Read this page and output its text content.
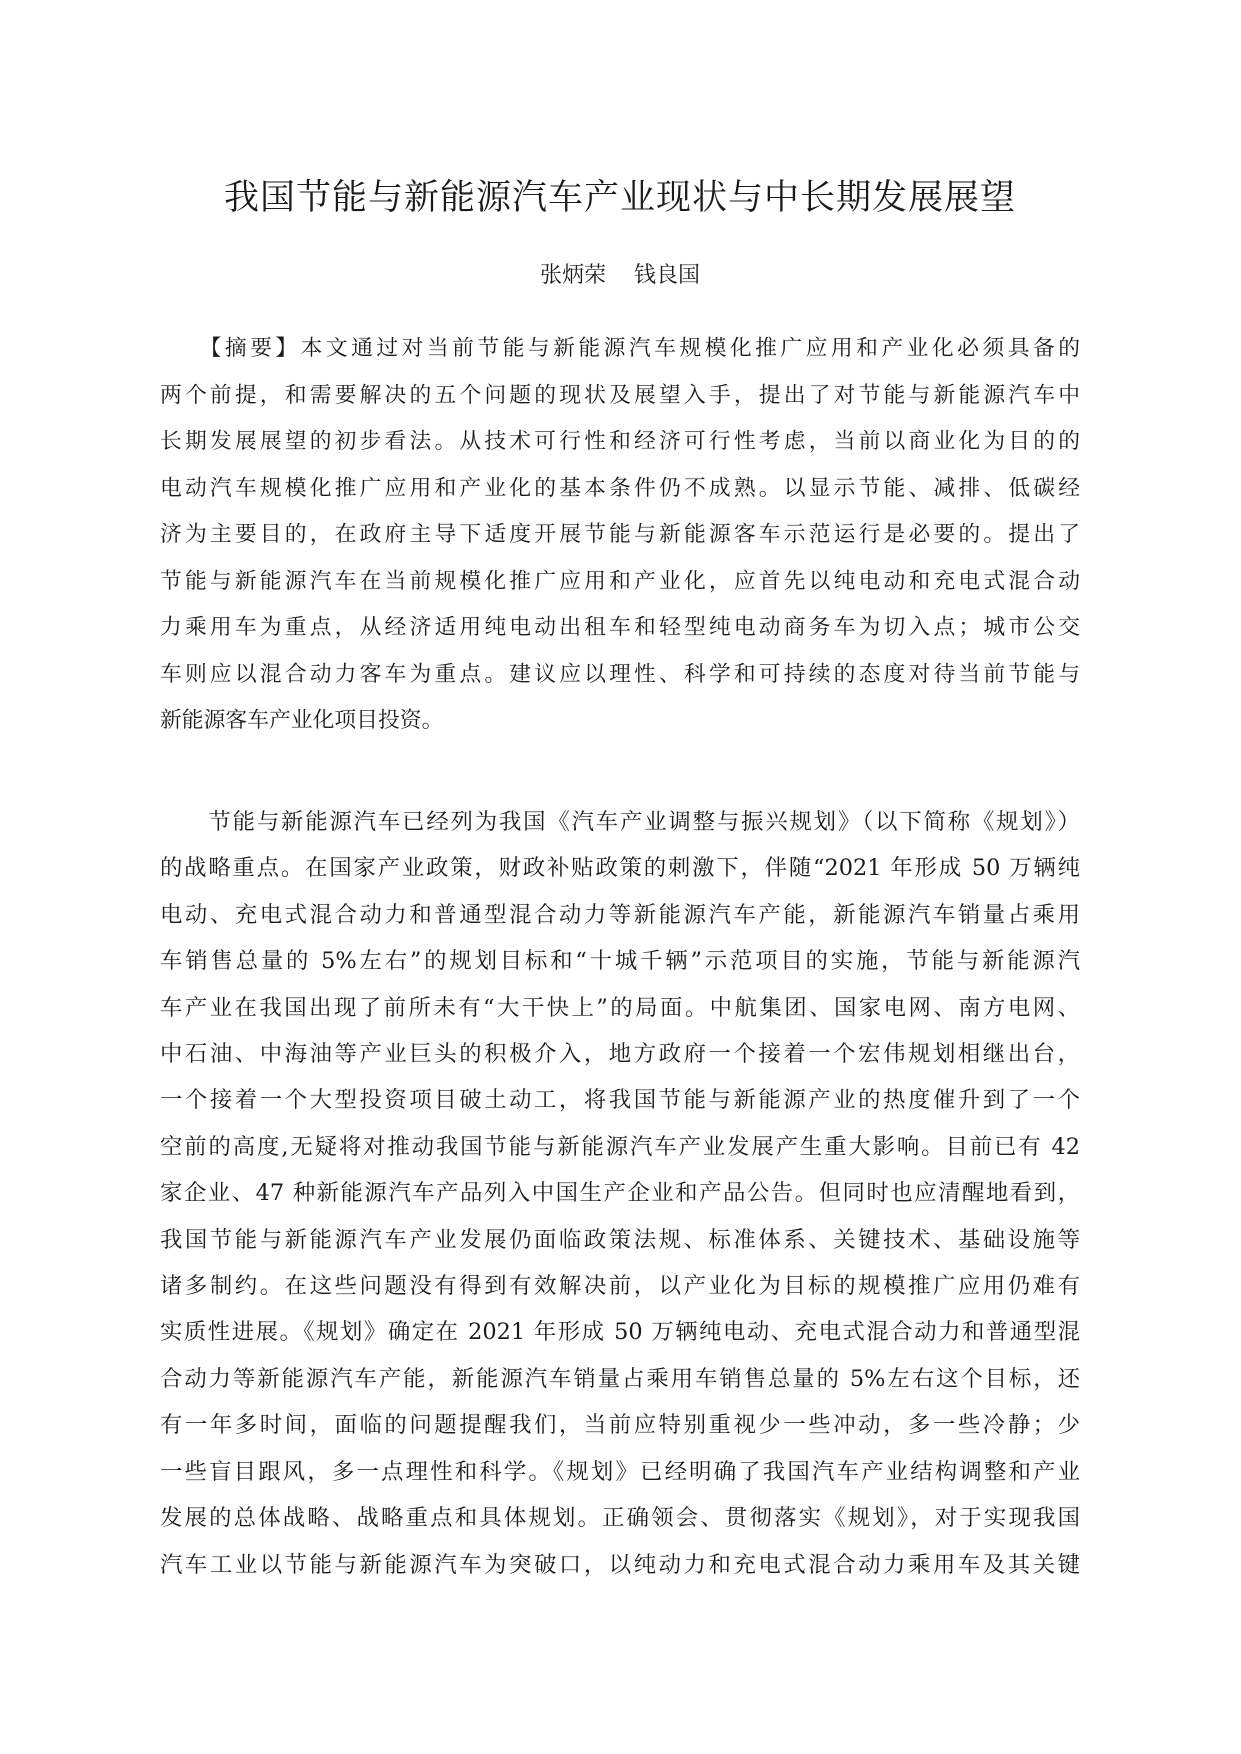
我国节能与新能源汽车产业现状与中长期发展展望
张炳荣    钱良国
　　【摘要】本文通过对当前节能与新能源汽车规模化推广应用和产业化必须具备的
两个前提，和需要解决的五个问题的现状及展望入手，提出了对节能与新能源汽车中
长期发展展望的初步看法。从技术可行性和经济可行性考虑，当前以商业化为目的的
电动汽车规模化推广应用和产业化的基本条件仍不成熟。以显示节能、减排、低碳经
济为主要目的，在政府主导下适度开展节能与新能源客车示范运行是必要的。提出了
节能与新能源汽车在当前规模化推广应用和产业化，应首先以纯电动和充电式混合动
力乘用车为重点，从经济适用纯电动出租车和轻型纯电动商务车为切入点；城市公交
车则应以混合动力客车为重点。建议应以理性、科学和可持续的态度对待当前节能与
新能源客车产业化项目投资。
　　节能与新能源汽车已经列为我国《汽车产业调整与振兴规划》（以下简称《规划》）
的战略重点。在国家产业政策，财政补贴政策的刺激下，伴随“2021 年形成 50 万辆纯
电动、充电式混合动力和普通型混合动力等新能源汽车产能，新能源汽车销量占乘用
车销售总量的 5%左右”的规划目标和“十城千辆”示范项目的实施，节能与新能源汽
车产业在我国出现了前所未有“大干快上”的局面。中航集团、国家电网、南方电网、
中石油、中海油等产业巨头的积极介入，地方政府一个接着一个宏伟规划相继出台，
一个接着一个大型投资项目破土动工，将我国节能与新能源产业的热度催升到了一个
空前的高度,无疑将对推动我国节能与新能源汽车产业发展产生重大影响。目前已有 42
家企业、47 种新能源汽车产品列入中国生产企业和产品公告。但同时也应清醒地看到，
我国节能与新能源汽车产业发展仍面临政策法规、标准体系、关键技术、基础设施等
诸多制约。在这些问题没有得到有效解决前，以产业化为目标的规模推广应用仍难有
实质性进展。《规划》确定在 2021 年形成 50 万辆纯电动、充电式混合动力和普通型混
合动力等新能源汽车产能，新能源汽车销量占乘用车销售总量的 5%左右这个目标，还
有一年多时间，面临的问题提醒我们，当前应特别重视少一些冲动，多一些冷静；少
一些盲目跟风，多一点理性和科学。《规划》已经明确了我国汽车产业结构调整和产业
发展的总体战略、战略重点和具体规划。正确领会、贯彻落实《规划》，对于实现我国
汽车工业以节能与新能源汽车为突破口，以纯动力和充电式混合动力乘用车及其关键
